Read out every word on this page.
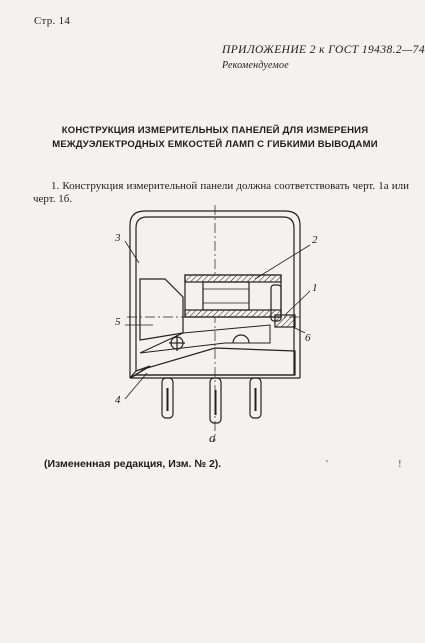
Стр. 14
ПРИЛОЖЕНИЕ 2 к ГОСТ 19438.2—74
Рекомендуемое
КОНСТРУКЦИЯ ИЗМЕРИТЕЛЬНЫХ ПАНЕЛЕЙ ДЛЯ ИЗМЕРЕНИЯ
МЕЖДУЭЛЕКТРОДНЫХ ЕМКОСТЕЙ ЛАМП С ГИБКИМИ ВЫВОДАМИ
1. Конструкция измерительной панели должна соответствовать черт. 1а или черт. 1б.
3	2
1
5
6
4
а
(Измененная редакция, Изм. № 2).	'	!
